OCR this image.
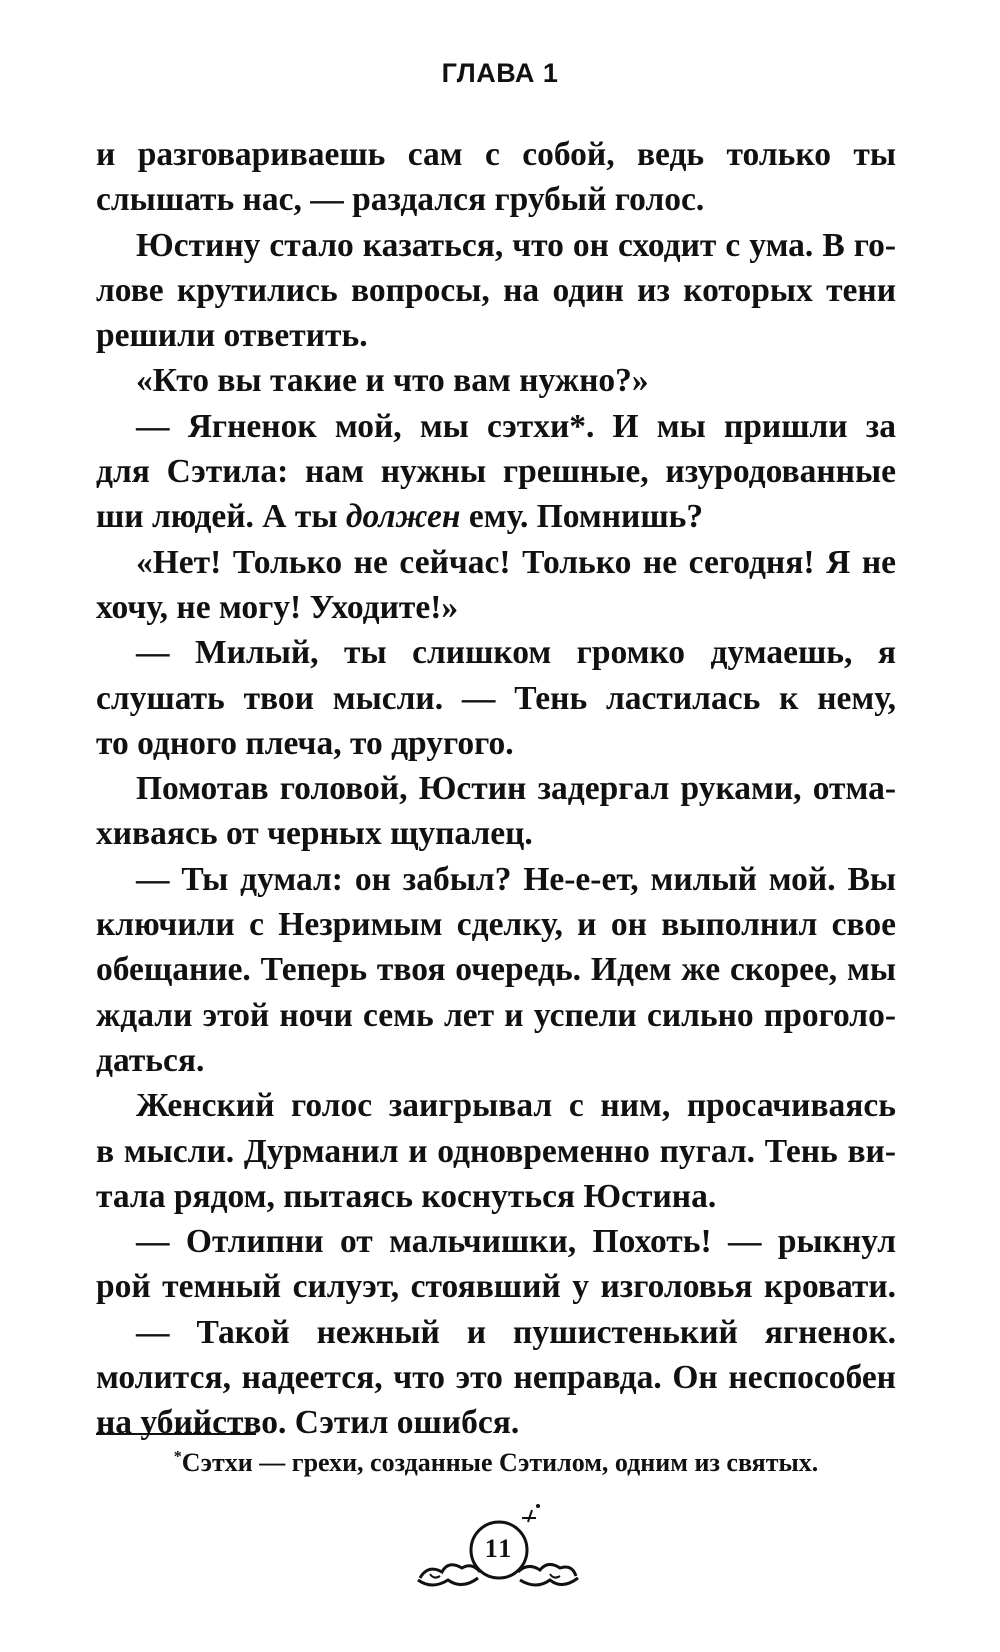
ГЛАВА 1
и разговариваешь сам с собой, ведь только ты
слышать нас, — раздался грубый голос.
Юстину стало казаться, что он сходит с ума. В го-
лове крутились вопросы, на один из которых тени
решили ответить.
«Кто вы такие и что вам нужно?»
— Ягненок мой, мы сэтхи*. И мы пришли за
для Сэтила: нам нужны грешные, изуродованные
ши людей. А ты должен ему. Помнишь?
«Нет! Только не сейчас! Только не сегодня! Я не
хочу, не могу! Уходите!»
— Милый, ты слишком громко думаешь, я
слушать твои мысли. — Тень ластилась к нему,
то одного плеча, то другого.
Помотав головой, Юстин задергал руками, отма-
хиваясь от черных щупалец.
— Ты думал: он забыл? Не-е-ет, милый мой. Вы
ключили с Незримым сделку, и он выполнил свое
обещание. Теперь твоя очередь. Идем же скорее, мы
ждали этой ночи семь лет и успели сильно проголо-
даться.
Женский голос заигрывал с ним, просачиваясь
в мысли. Дурманил и одновременно пугал. Тень ви-
тала рядом, пытаясь коснуться Юстина.
— Отлипни от мальчишки, Похоть! — рыкнул
рой темный силуэт, стоявший у изголовья кровати.
— Такой нежный и пушистенький ягненок.
молится, надеется, что это неправда. Он неспособен
на убийство. Сэтил ошибся.
*Сэтхи — грехи, созданные Сэтилом, одним из святых.
11
